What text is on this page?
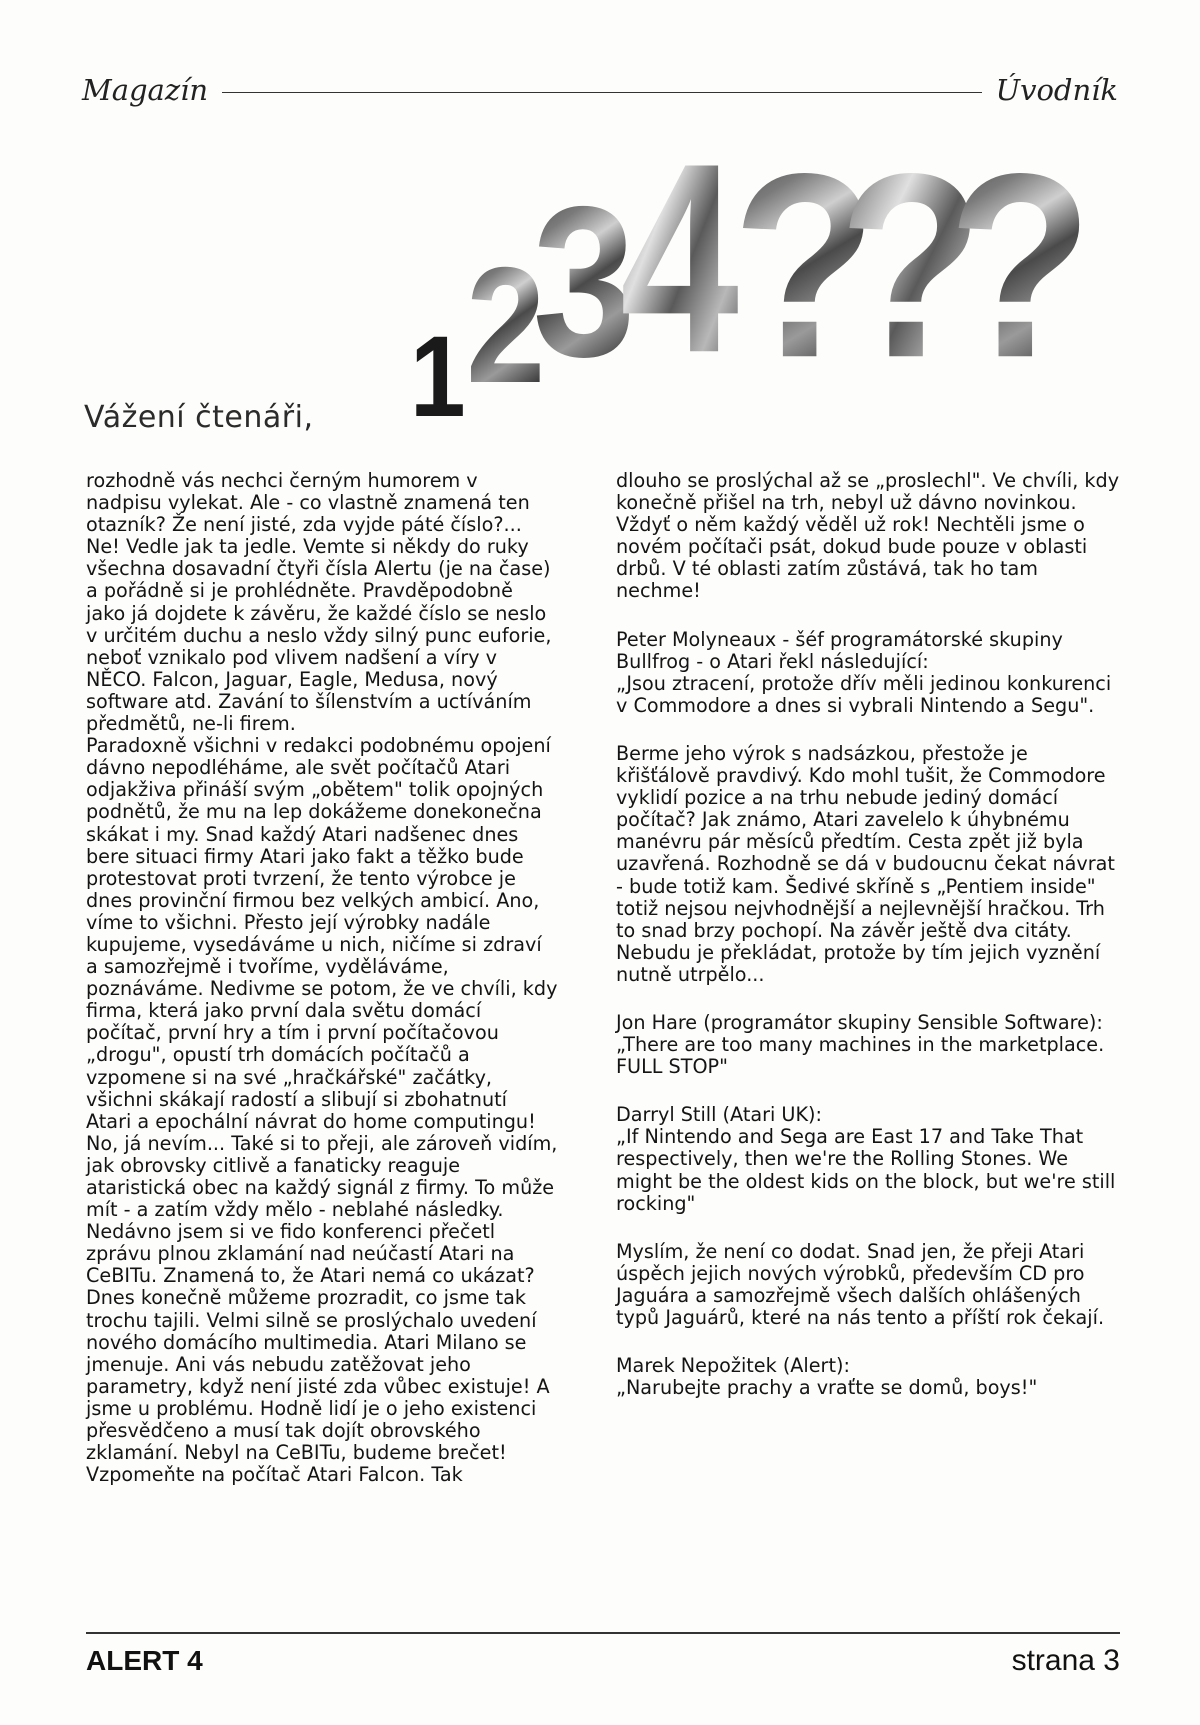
Magazín	Úvodník
1 2
3
4
?
?
?
Vážení čtenáři,

rozhodně vás nechci černým humorem v nadpisu vylekat. Ale - co vlastně znamená ten otazník? Že není jisté, zda vyjde páté číslo?... Ne! Vedle jak ta jedle. Vemte si někdy do ruky všechna dosavadní čtyři čísla Alertu (je na čase) a pořádně si je prohlédněte. Pravděpodobně jako já dojdete k závěru, že každé číslo se neslo v určitém duchu a neslo vždy silný punc euforie, neboť vznikalo pod vlivem nadšení a víry v NĚCO. Falcon, Jaguar, Eagle, Medusa, nový software atd. Zavání to šílenstvím a uctíváním předmětů, ne-li firem.

Paradoxně všichni v redakci podobnému opojení dávno nepodléháme, ale svět počítačů Atari odjakživa přináší svým „obětem" tolik opojných podnětů, že mu na lep dokážeme donekonečna skákat i my. Snad každý Atari nadšenec dnes bere situaci firmy Atari jako fakt a těžko bude protestovat proti tvrzení, že tento výrobce je dnes provinční firmou bez velkých ambicí. Ano, víme to všichni. Přesto její výrobky nadále kupujeme, vysedáváme u nich, ničíme si zdraví a samozřejmě i tvoříme, vyděláváme, poznáváme. Nedivme se potom, že ve chvíli, kdy firma, která jako první dala světu domácí počítač, první hry a tím i první počítačovou „drogu", opustí trh domácích počítačů a vzpomene si na své „hračkářské" začátky, všichni skákají radostí a slibují si zbohatnutí Atari a epochální návrat do home computingu! No, já nevím... Také si to přeji, ale zároveň vidím, jak obrovsky citlivě a fanaticky reaguje ataristická obec na každý signál z firmy. To může mít - a zatím vždy mělo - neblahé následky.

Nedávno jsem si ve fido konferenci přečetl zprávu plnou zklamání nad neúčastí Atari na CeBITu. Znamená to, že Atari nemá co ukázat? Dnes konečně můžeme prozradit, co jsme tak trochu tajili. Velmi silně se proslýchalo uvedení nového domácího multimedia. Atari Milano se jmenuje. Ani vás nebudu zatěžovat jeho parametry, když není jisté zda vůbec existuje! A jsme u problému. Hodně lidí je o jeho existenci přesvědčeno a musí tak dojít obrovského zklamání. Nebyl na CeBITu, budeme brečet! Vzpomeňte na počítač Atari Falcon. Tak

dlouho se proslýchal až se „proslechl". Ve chvíli, kdy konečně přišel na trh, nebyl už dávno novinkou. Vždyť o něm každý věděl už rok! Nechtěli jsme o novém počítači psát, dokud bude pouze v oblasti drbů. V té oblasti zatím zůstává, tak ho tam nechme!

Peter Molyneaux - šéf programátorské skupiny Bullfrog - o Atari řekl následující:

„Jsou ztracení, protože dřív měli jedinou konkurenci v Commodore a dnes si vybrali Nintendo a Segu".

Berme jeho výrok s nadsázkou, přestože je křišťálově pravdivý. Kdo mohl tušit, že Commodore vyklidí pozice a na trhu nebude jediný domácí počítač? Jak známo, Atari zavelelo k úhybnému manévru pár měsíců předtím. Cesta zpět již byla uzavřená. Rozhodně se dá v budoucnu čekat návrat - bude totiž kam. Šedivé skříně s „Pentiem inside" totiž nejsou nejvhodnější a nejlevnější hračkou. Trh to snad brzy pochopí. Na závěr ještě dva citáty. Nebudu je překládat, protože by tím jejich vyznění nutně utrpělo...

Jon Hare (programátor skupiny Sensible Software):

„There are too many machines in the marketplace. FULL STOP"

Darryl Still (Atari UK):

„If Nintendo and Sega are East 17 and Take That respectively, then we're the Rolling Stones. We might be the oldest kids on the block, but we're still rocking"

Myslím, že není co dodat. Snad jen, že přeji Atari úspěch jejich nových výrobků, především CD pro Jaguára a samozřejmě všech dalších ohlášených typů Jaguárů, které na nás tento a příští rok čekají.

Marek Nepožitek (Alert):

„Narubejte prachy a vraťte se domů, boys!"

ALERT 4	strana 3
